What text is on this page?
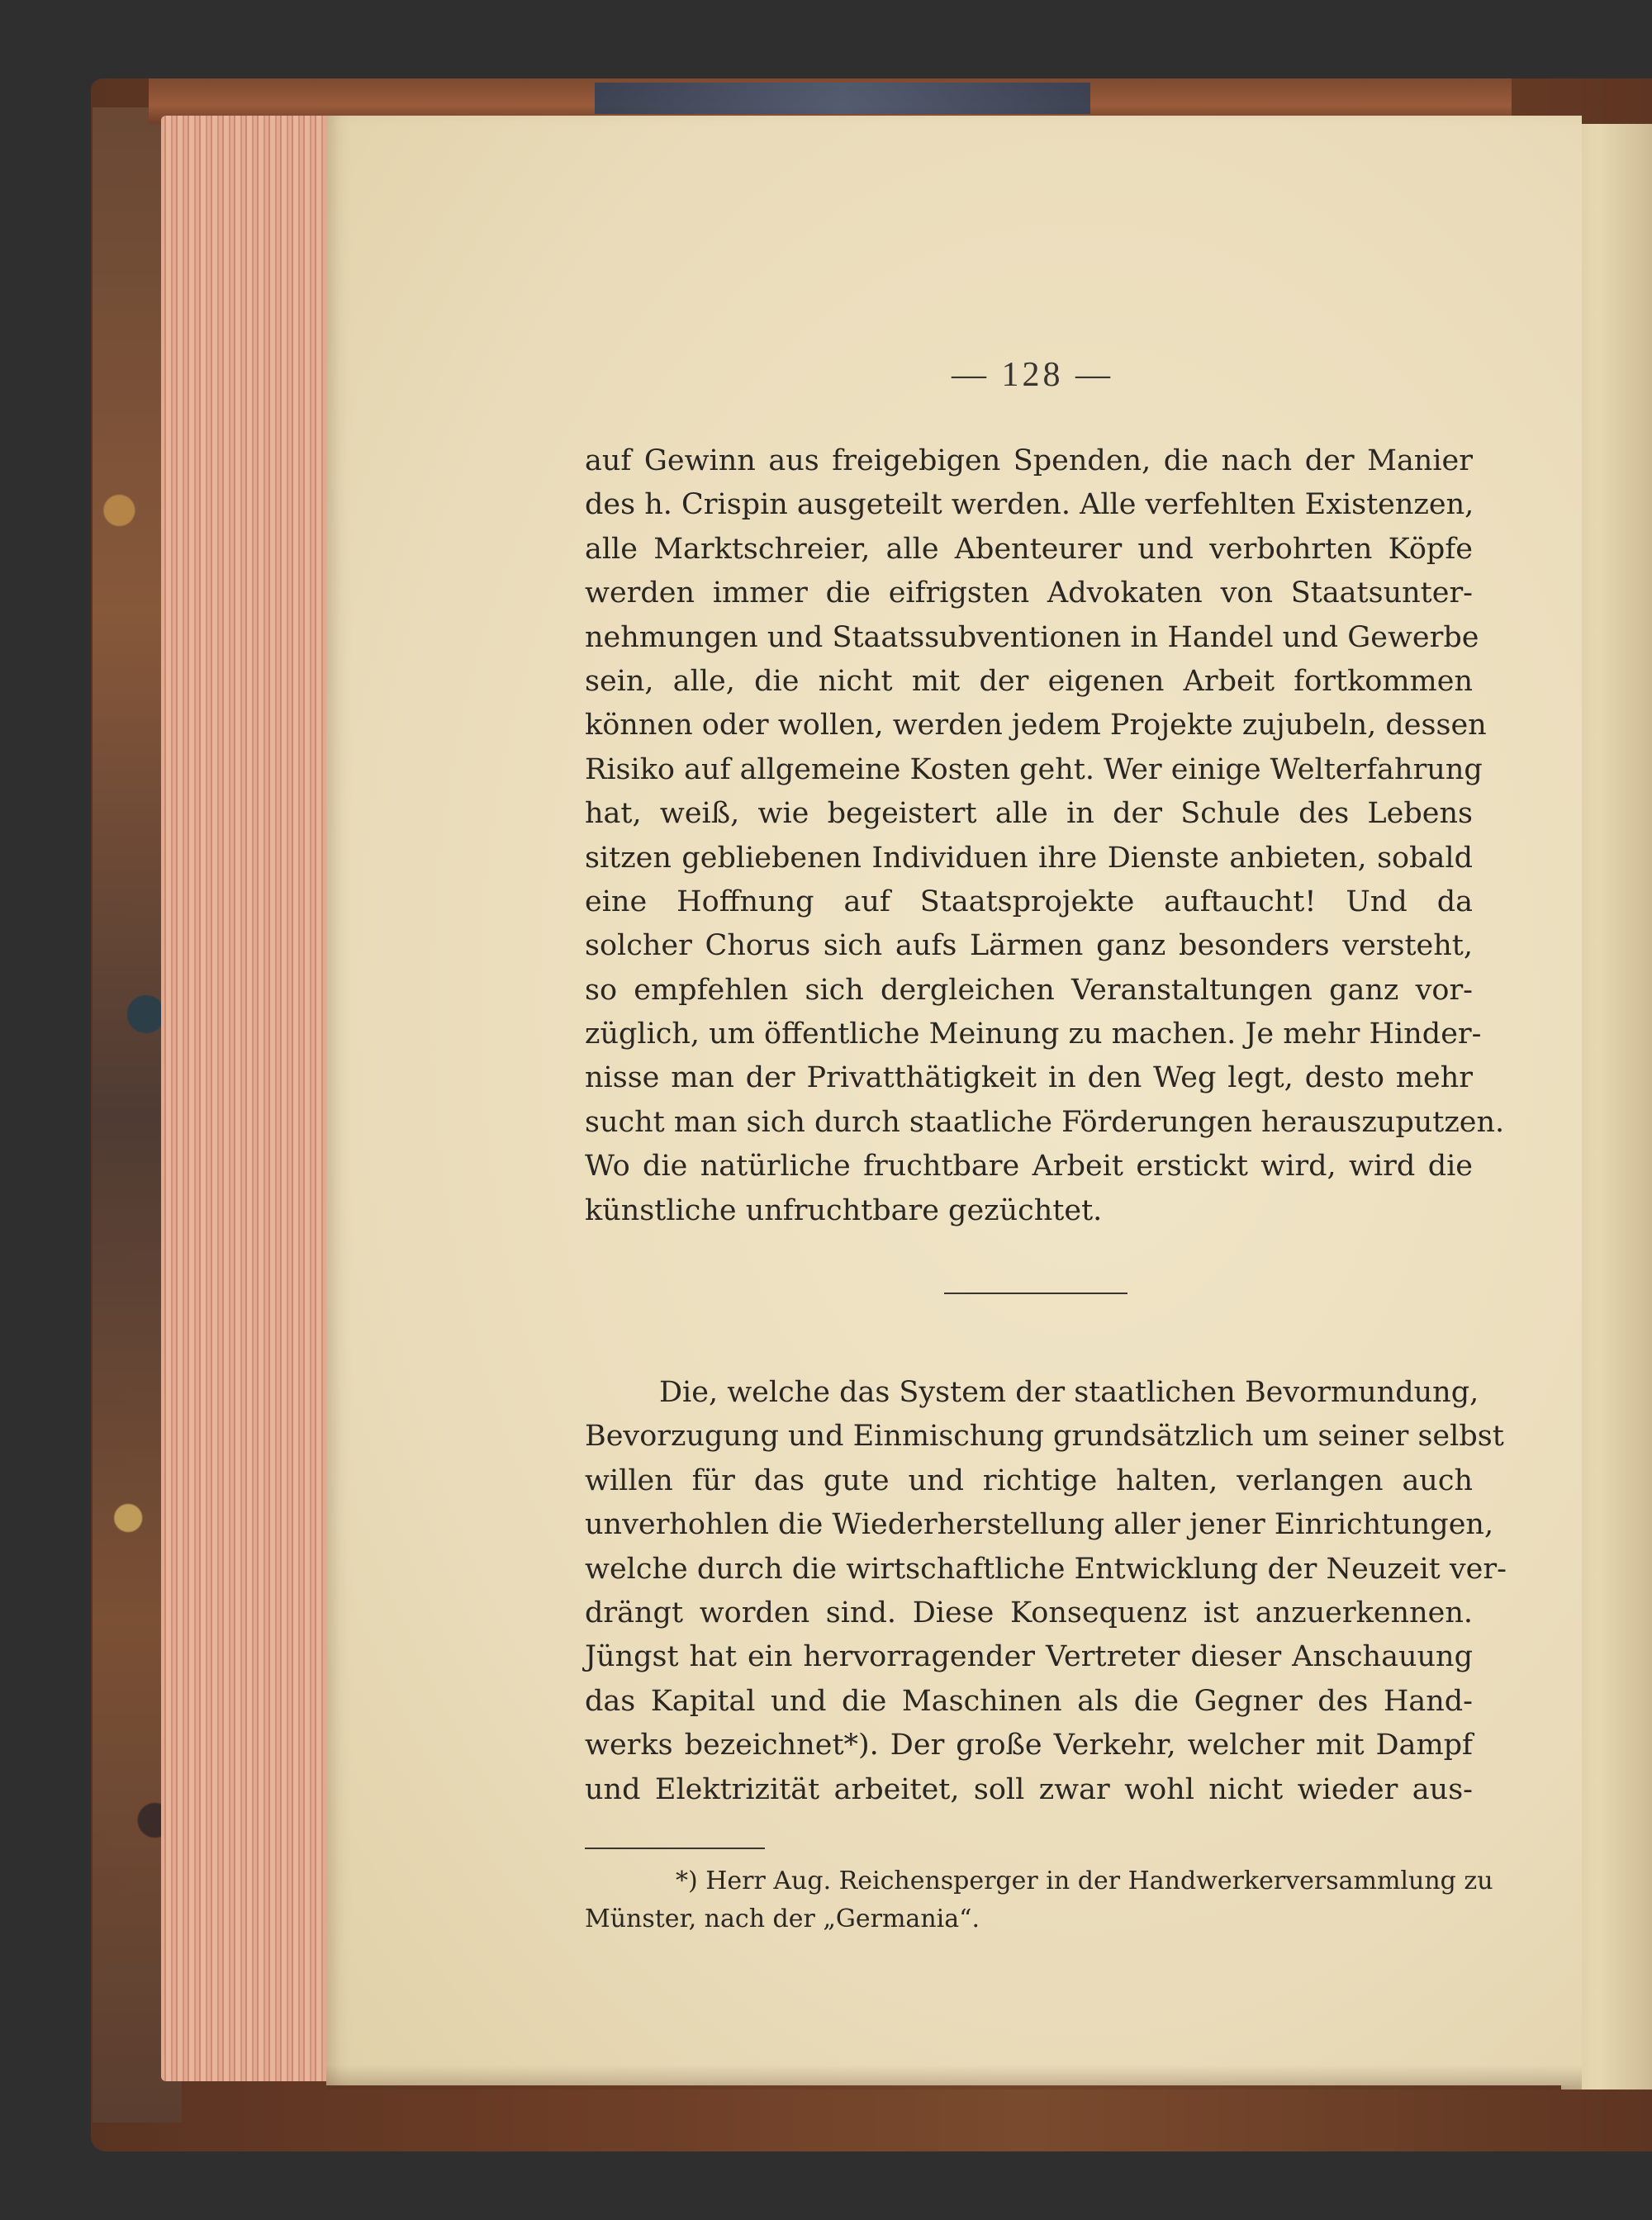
— 128 —
auf Gewinn aus freigebigen Spenden, die nach der Manier
des h. Crispin ausgeteilt werden. Alle verfehlten Existenzen,
alle Marktschreier, alle Abenteurer und verbohrten Köpfe
werden immer die eifrigsten Advokaten von Staatsunter-
nehmungen und Staatssubventionen in Handel und Gewerbe
sein, alle, die nicht mit der eigenen Arbeit fortkommen
können oder wollen, werden jedem Projekte zujubeln, dessen
Risiko auf allgemeine Kosten geht. Wer einige Welterfahrung
hat, weiß, wie begeistert alle in der Schule des Lebens
sitzen gebliebenen Individuen ihre Dienste anbieten, sobald
eine Hoffnung auf Staatsprojekte auftaucht! Und da
solcher Chorus sich aufs Lärmen ganz besonders versteht,
so empfehlen sich dergleichen Veranstaltungen ganz vor-
züglich, um öffentliche Meinung zu machen. Je mehr Hinder-
nisse man der Privatthätigkeit in den Weg legt, desto mehr
sucht man sich durch staatliche Förderungen herauszuputzen.
Wo die natürliche fruchtbare Arbeit erstickt wird, wird die
künstliche unfruchtbare gezüchtet.
Die, welche das System der staatlichen Bevormundung,
Bevorzugung und Einmischung grundsätzlich um seiner selbst
willen für das gute und richtige halten, verlangen auch
unverhohlen die Wiederherstellung aller jener Einrichtungen,
welche durch die wirtschaftliche Entwicklung der Neuzeit ver-
drängt worden sind. Diese Konsequenz ist anzuerkennen.
Jüngst hat ein hervorragender Vertreter dieser Anschauung
das Kapital und die Maschinen als die Gegner des Hand-
werks bezeichnet*). Der große Verkehr, welcher mit Dampf
und Elektrizität arbeitet, soll zwar wohl nicht wieder aus-
*) Herr Aug. Reichensperger in der Handwerkerversammlung zu
Münster, nach der „Germania“.
